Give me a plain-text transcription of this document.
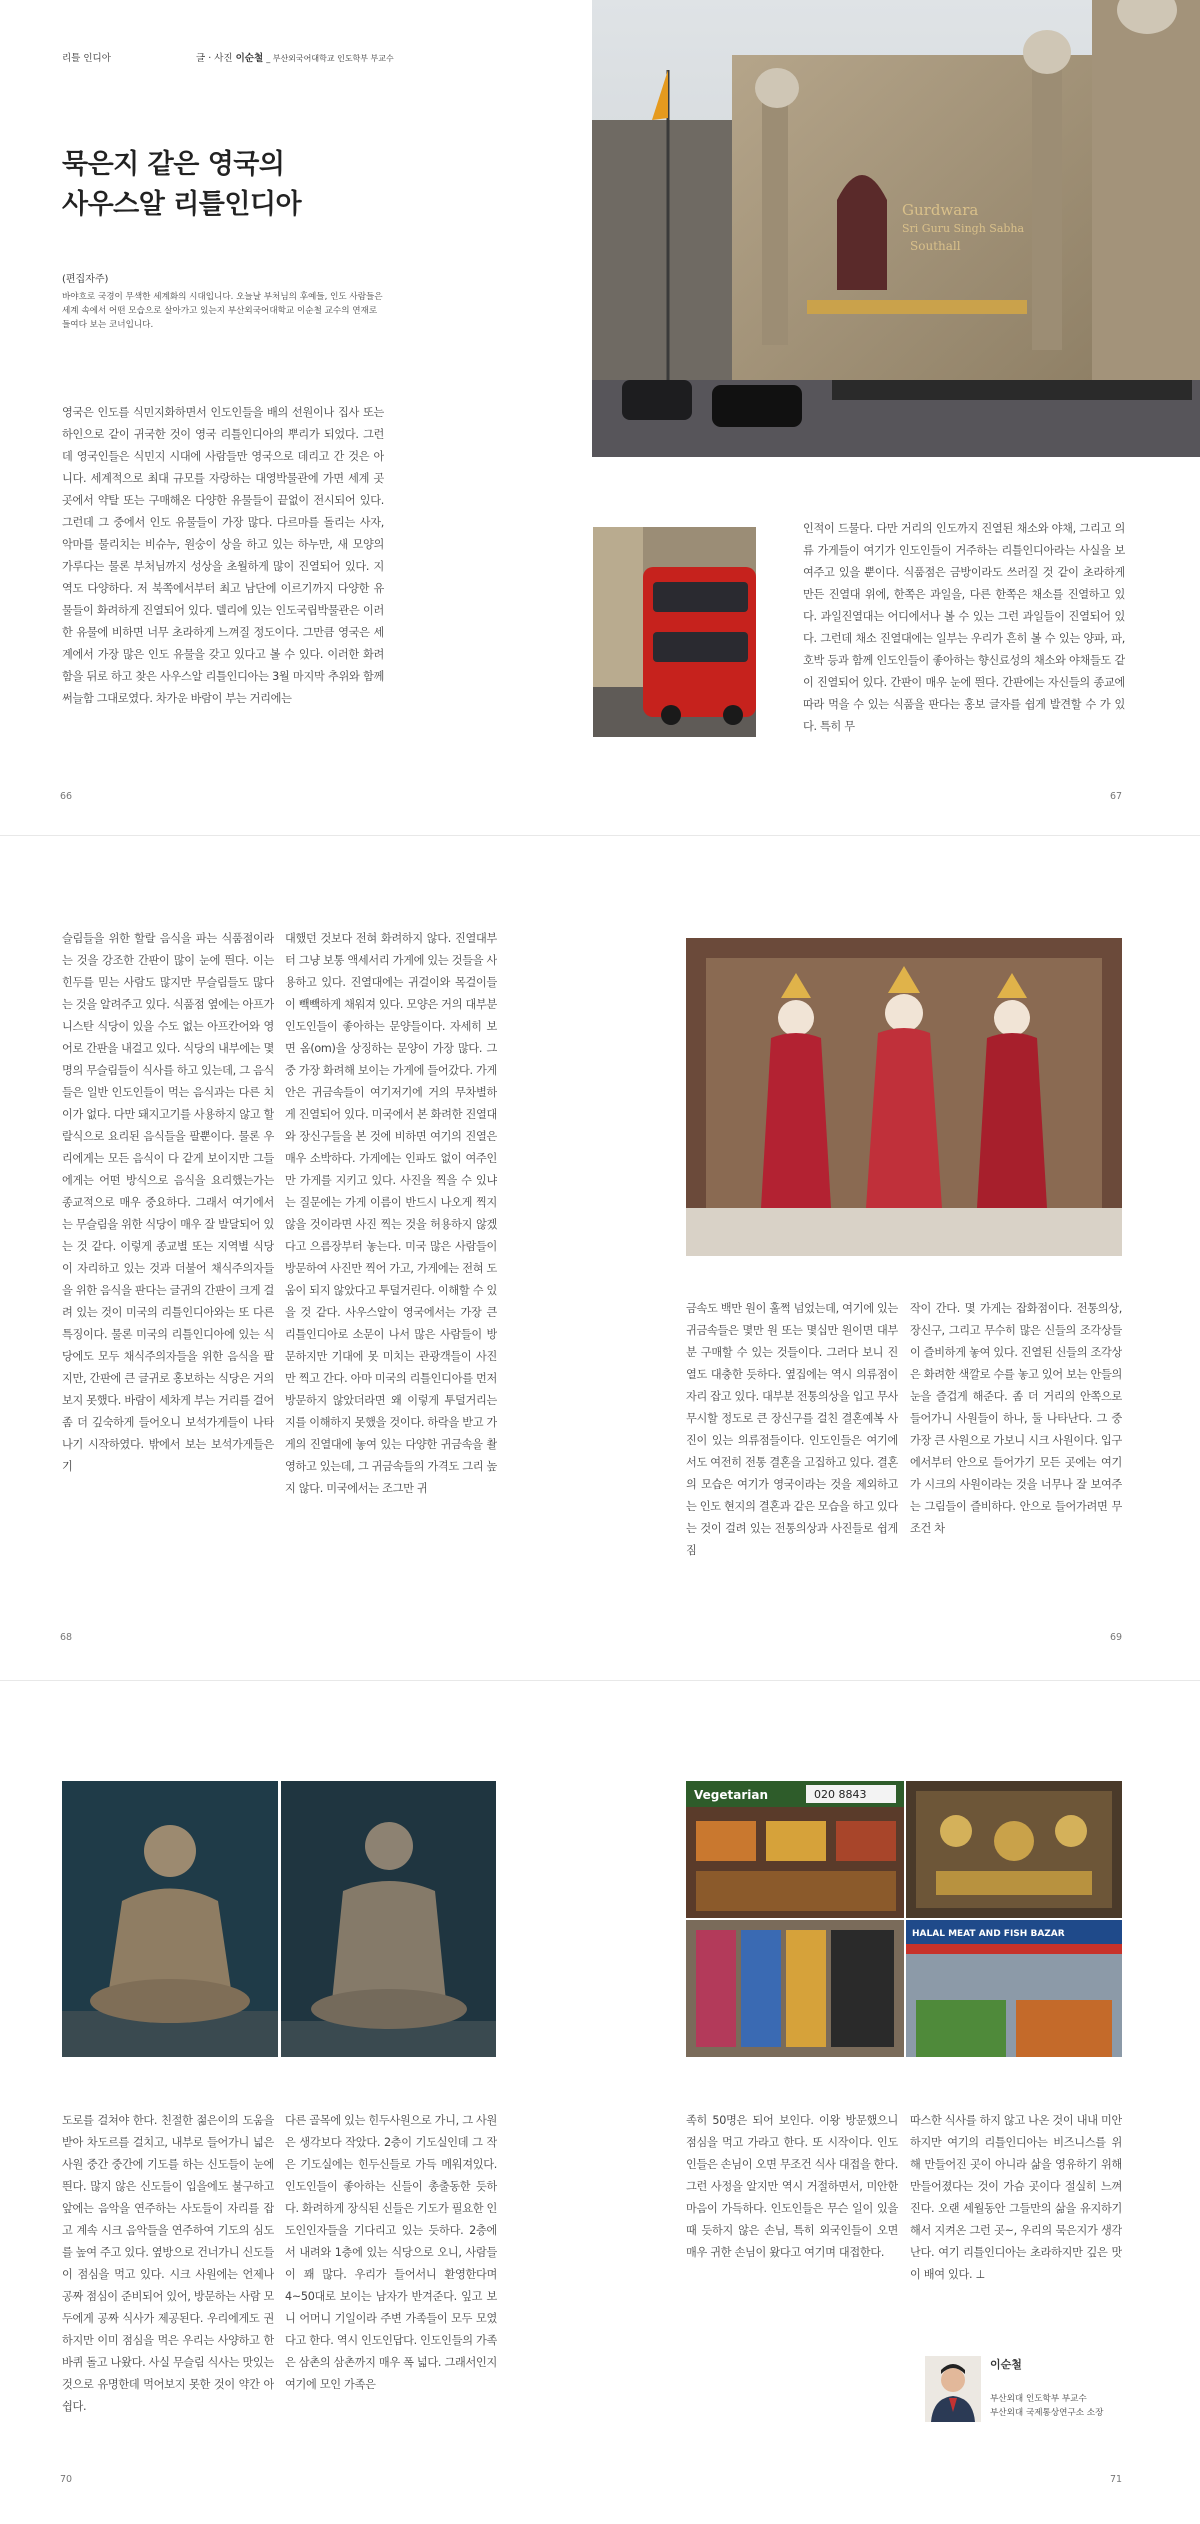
리틀 인디아	글 · 사진 이순철 _ 부산외국어대학교 인도학부 부교수
묵은지 같은 영국의
사우스알 리틀인디아
(편집자주)
바야흐로 국경이 무색한 세계화의 시대입니다. 오늘날 부처님의 후예들, 인도 사람들은 세계 속에서 어떤 모습으로 살아가고 있는지 부산외국어대학교 이순철 교수의 연재로 들여다 보는 코너입니다.
영국은 인도를 식민지화하면서 인도인들을 배의 선원이나 집사 또는 하인으로 같이 귀국한 것이 영국 리틀인디아의 뿌리가 되었다. 그런데 영국인들은 식민지 시대에 사람들만 영국으로 데리고 간 것은 아니다. 세계적으로 최대 규모를 자랑하는 대영박물관에 가면 세계 곳곳에서 약탈 또는 구매해온 다양한 유물들이 끝없이 전시되어 있다. 그런데 그 중에서 인도 유물들이 가장 많다. 다르마를 돌리는 사자, 악마를 물리치는 비슈누, 원숭이 상을 하고 있는 하누만, 새 모양의 가루다는 물론 부처님까지 성상을 초월하게 많이 진열되어 있다. 지역도 다양하다. 저 북쪽에서부터 최고 남단에 이르기까지 다양한 유물들이 화려하게 진열되어 있다. 델리에 있는 인도국립박물관은 이러한 유물에 비하면 너무 초라하게 느껴질 정도이다. 그만큼 영국은 세계에서 가장 많은 인도 유물을 갖고 있다고 볼 수 있다. 이러한 화려함을 뒤로 하고 찾은 사우스알 리틀인디아는 3월 마지막 추위와 함께 써늘함 그대로였다. 차가운 바람이 부는 거리에는
Gurdwara
Sri Guru Singh Sabha
Southall
인적이 드물다. 다만 거리의 인도까지 진열된 채소와 야채, 그리고 의류 가게들이 여기가 인도인들이 거주하는 리틀인디아라는 사실을 보여주고 있을 뿐이다. 식품점은 금방이라도 쓰러질 것 같이 초라하게 만든 진열대 위에, 한쪽은 과일을, 다른 한쪽은 채소를 진열하고 있다. 과일진열대는 어디에서나 볼 수 있는 그런 과일들이 진열되어 있다. 그런데 채소 진열대에는 일부는 우리가 흔히 볼 수 있는 양파, 파, 호박 등과 함께 인도인들이 좋아하는 향신료성의 채소와 야채들도 같이 진열되어 있다. 간판이 매우 눈에 띈다. 간판에는 자신들의 종교에 따라 먹을 수 있는 식품을 판다는 홍보 글자를 쉽게 발견할 수 가 있다. 특히 무
66	67
슬림들을 위한 할랄 음식을 파는 식품점이라는 것을 강조한 간판이 많이 눈에 띈다. 이는 힌두를 믿는 사람도 많지만 무슬림들도 많다는 것을 알려주고 있다. 식품점 옆에는 아프가니스탄 식당이 있을 수도 없는 아프칸어와 영어로 간판을 내걸고 있다. 식당의 내부에는 몇 명의 무슬림들이 식사를 하고 있는데, 그 음식들은 일반 인도인들이 먹는 음식과는 다른 치이가 없다. 다만 돼지고기를 사용하지 않고 할랄식으로 요리된 음식들을 팔뿐이다. 물론 우리에게는 모든 음식이 다 같게 보이지만 그들에게는 어떤 방식으로 음식을 요리했는가는 종교적으로 매우 중요하다. 그래서 여기에서는 무슬림을 위한 식당이 매우 잘 발달되어 있는 것 같다. 이렇게 종교별 또는 지역별 식당이 자리하고 있는 것과 더불어 채식주의자들을 위한 음식을 판다는 글귀의 간판이 크게 걸려 있는 것이 미국의 리틀인디아와는 또 다른 특징이다. 물론 미국의 리틀인디아에 있는 식당에도 모두 채식주의자들을 위한 음식을 팔지만, 간판에 큰 글귀로 홍보하는 식당은 거의 보지 못했다. 바람이 세차게 부는 거리를 걸어 좀 더 깊숙하게 들어오니 보석가게들이 나타나기 시작하였다. 밖에서 보는 보석가게들은 기
대했던 것보다 전혀 화려하지 않다. 진열대부터 그냥 보통 액세서리 가게에 있는 것들을 사용하고 있다. 진열대에는 귀걸이와 목걸이들이 빽빽하게 채워져 있다. 모양은 거의 대부분 인도인들이 좋아하는 문양들이다. 자세히 보면 옴(om)을 상징하는 문양이 가장 많다. 그 중 가장 화려해 보이는 가게에 들어갔다. 가게 안은 귀금속들이 여기저기에 거의 무차별하게 진열되어 있다. 미국에서 본 화려한 진열대와 장신구들을 본 것에 비하면 여기의 진열은 매우 소박하다. 가게에는 인파도 없이 여주인만 가게를 지키고 있다. 사진을 찍을 수 있냐는 질문에는 가게 이름이 반드시 나오게 찍지 않을 것이라면 사진 찍는 것을 허용하지 않겠다고 으름장부터 놓는다. 미국 많은 사람들이 방문하여 사진만 찍어 가고, 가게에는 전혀 도움이 되지 않았다고 투덜거린다. 이해할 수 있을 것 같다. 사우스알이 영국에서는 가장 큰 리틀인디아로 소문이 나서 많은 사람들이 방문하지만 기대에 못 미치는 관광객들이 사진만 찍고 간다. 아마 미국의 리틀인디아를 먼저 방문하지 않았더라면 왜 이렇게 투덜거리는지를 이해하지 못했을 것이다. 하락을 받고 가게의 진열대에 놓여 있는 다양한 귀금속을 촬영하고 있는데, 그 귀금속들의 가격도 그리 높지 않다. 미국에서는 조그만 귀
금속도 백만 원이 훌쩍 넘었는데, 여기에 있는 귀금속들은 몇만 원 또는 몇십만 원이면 대부분 구매할 수 있는 것들이다. 그러다 보니 진열도 대충한 듯하다. 옆집에는 역시 의류점이 자리 잡고 있다. 대부분 전통의상을 입고 무사무시할 정도로 큰 장신구를 걸친 결혼예복 사진이 있는 의류점들이다. 인도인들은 여기에서도 여전히 전통 결혼을 고집하고 있다. 결혼의 모습은 여기가 영국이라는 것을 제외하고는 인도 현지의 결혼과 같은 모습을 하고 있다는 것이 걸려 있는 전통의상과 사진들로 쉽게 짐
작이 간다. 몇 가게는 잡화점이다. 전통의상, 장신구, 그리고 무수히 많은 신들의 조각상들이 즐비하게 놓여 있다. 진열된 신들의 조각상은 화려한 색깔로 수를 놓고 있어 보는 안들의 눈을 즐겁게 해준다. 좀 더 거리의 안쪽으로 들어가니 사원들이 하나, 둘 나타난다. 그 중 가장 큰 사원으로 가보니 시크 사원이다. 입구에서부터 안으로 들어가기 모든 곳에는 여기가 시크의 사원이라는 것을 너무나 잘 보여주는 그림들이 즐비하다. 안으로 들어가려면 무조건 차
68	69
Vegetarian	020 8843
HALAL MEAT AND FISH BAZAR
도로를 걸쳐야 한다. 친절한 젊은이의 도움을 받아 차도르를 걸치고, 내부로 들어가니 넓은 사원 중간 중간에 기도를 하는 신도들이 눈에 띈다. 많지 않은 신도들이 입을에도 불구하고 앞에는 음악을 연주하는 사도들이 자리를 잡고 계속 시크 음악들을 연주하여 기도의 심도를 높여 주고 있다. 옆방으로 건너가니 신도들이 점심을 먹고 있다. 시크 사원에는 언제나 공짜 점심이 준비되어 있어, 방문하는 사람 모두에게 공짜 식사가 제공된다. 우리에게도 권하지만 이미 점심을 먹은 우리는 사양하고 한 바퀴 돌고 나왔다. 사실 무슬림 식사는 맛있는 것으로 유명한데 먹어보지 못한 것이 약간 아쉽다.
다른 골목에 있는 힌두사원으로 가니, 그 사원은 생각보다 작았다. 2층이 기도실인데 그 작은 기도실에는 힌두신들로 가득 메워져있다. 인도인들이 좋아하는 신들이 총출동한 듯하다. 화려하게 장식된 신들은 기도가 필요한 인도인인자들을 기다리고 있는 듯하다. 2층에서 내려와 1층에 있는 식당으로 오니, 사람들이 꽤 많다. 우리가 들어서니 환영한다며 4~50대로 보이는 남자가 반겨준다. 잎고 보니 어머니 기일이라 주변 가족들이 모두 모였다고 한다. 역시 인도인답다. 인도인들의 가족은 삼촌의 삼촌까지 매우 폭 넓다. 그래서인지 여기에 모인 가족은
족히 50명은 되어 보인다. 이왕 방문했으니 점심을 먹고 가라고 한다. 또 시작이다. 인도인들은 손님이 오면 무조건 식사 대접을 한다. 그런 사정을 알지만 역시 거절하면서, 미안한 마음이 가득하다. 인도인들은 무슨 일이 있을 때 듯하지 않은 손님, 특히 외국인들이 오면 매우 귀한 손님이 왔다고 여기며 대접한다.
따스한 식사를 하지 않고 나온 것이 내내 미안하지만 여기의 리틀인디아는 비즈니스를 위해 만들어진 곳이 아니라 삶을 영유하기 위해 만들어졌다는 것이 가슴 곳이다 절실히 느껴진다. 오랜 세월동안 그들만의 삶을 유지하기 해서 지켜온 그런 곳~, 우리의 묵은지가 생각난다. 여기 리틀인디아는 초라하지만 깊은 맛이 배여 있다. ⊥
이순철
부산외대 인도학부 부교수
부산외대 국제통상연구소 소장
70	71
